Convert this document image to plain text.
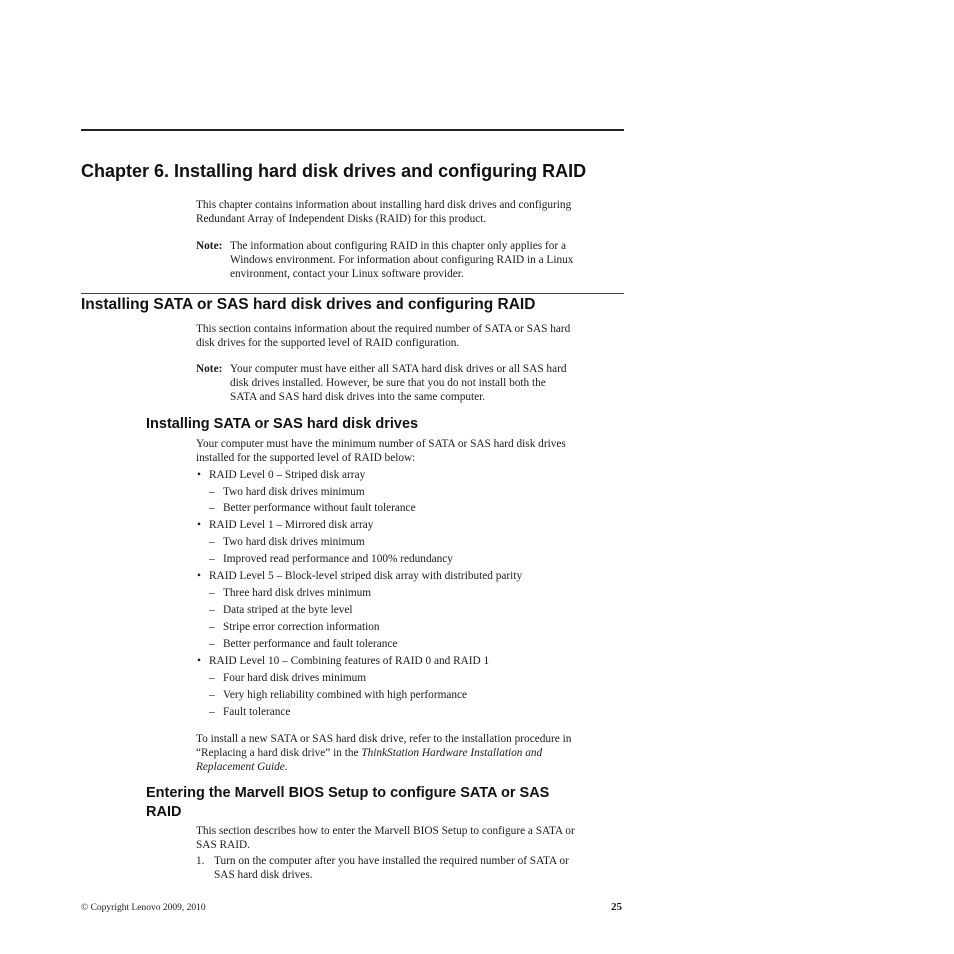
Chapter 6. Installing hard disk drives and configuring RAID
This chapter contains information about installing hard disk drives and configuring
Redundant Array of Independent Disks (RAID) for this product.
Note: The information about configuring RAID in this chapter only applies for a
Windows environment. For information about configuring RAID in a Linux
environment, contact your Linux software provider.
Installing SATA or SAS hard disk drives and configuring RAID
This section contains information about the required number of SATA or SAS hard
disk drives for the supported level of RAID configuration.
Note: Your computer must have either all SATA hard disk drives or all SAS hard
disk drives installed. However, be sure that you do not install both the
SATA and SAS hard disk drives into the same computer.
Installing SATA or SAS hard disk drives
Your computer must have the minimum number of SATA or SAS hard disk drives
installed for the supported level of RAID below:
• RAID Level 0 – Striped disk array
– Two hard disk drives minimum
– Better performance without fault tolerance
• RAID Level 1 – Mirrored disk array
– Two hard disk drives minimum
– Improved read performance and 100% redundancy
• RAID Level 5 – Block-level striped disk array with distributed parity
– Three hard disk drives minimum
– Data striped at the byte level
– Stripe error correction information
– Better performance and fault tolerance
• RAID Level 10 – Combining features of RAID 0 and RAID 1
– Four hard disk drives minimum
– Very high reliability combined with high performance
– Fault tolerance
To install a new SATA or SAS hard disk drive, refer to the installation procedure in
“Replacing a hard disk drive” in the ThinkStation Hardware Installation and
Replacement Guide.
Entering the Marvell BIOS Setup to configure SATA or SAS
RAID
This section describes how to enter the Marvell BIOS Setup to configure a SATA or
SAS RAID.
1. Turn on the computer after you have installed the required number of SATA or
SAS hard disk drives.
© Copyright Lenovo 2009, 2010	25
